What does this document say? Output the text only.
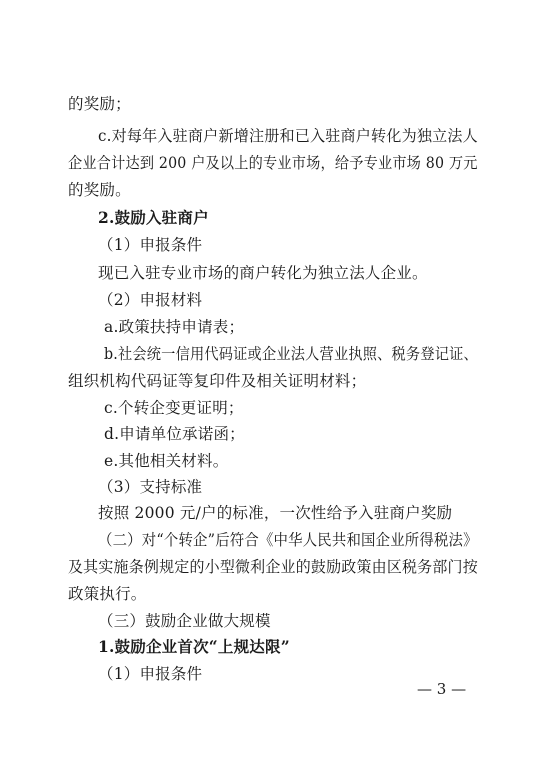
的奖励；
c.对每年入驻商户新增注册和已入驻商户转化为独立法人
企业合计达到 200 户及以上的专业市场，给予专业市场 80 万元
的奖励。
2.鼓励入驻商户
（1）申报条件
现已入驻专业市场的商户转化为独立法人企业。
（2）申报材料
a.政策扶持申请表；
b.社会统一信用代码证或企业法人营业执照、税务登记证、
组织机构代码证等复印件及相关证明材料；
c.个转企变更证明；
d.申请单位承诺函；
e.其他相关材料。
（3）支持标准
按照 2000 元/户的标准，一次性给予入驻商户奖励
（二）对“个转企”后符合《中华人民共和国企业所得税法》
及其实施条例规定的小型微利企业的鼓励政策由区税务部门按
政策执行。
（三）鼓励企业做大规模
1.鼓励企业首次“上规达限”
（1）申报条件
— 3 —
